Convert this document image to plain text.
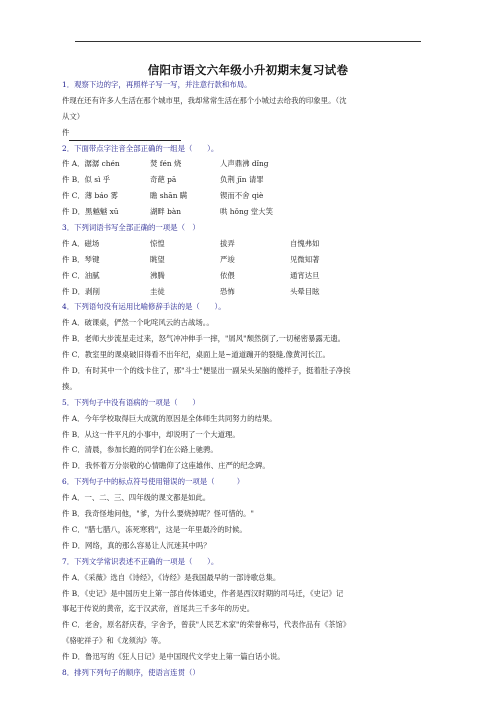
信阳市语文六年级小升初期末复习试卷
1．观察下边的字，再照样子写一写，并注意行款和布局。
件现在还有许多人生活在那个城市里，我却常常生活在那个小城过去给我的印象里。（沈
从文）
件
2．下面带点字注音全部正确的一组是（　　）。
件 A．潺潺 chén	焚 fén 烧	人声鼎沸 dǐng
件 B．似 sì 乎	奇葩 pā	负荆 jīn 请罪
件 C．薄 báo 雾	瞻 shān 瞒	锲而不舍 qiè
件 D．黑魆魆 xū	湖畔 bàn	哄 hǒng 堂大笑
3．下列词语书写全部正确的一项是（　）
件 A．磁场	惊惶	拔弄	自愧弗如
件 B．琴键	眺望	严竣	见微知著
件 C．油腻	沸腾	依偎	通宵达旦
件 D．剥削	圭徒	恐怖	头晕目眩
4．下列语句没有运用比喻修辞手法的是（　　）。
件 A．破课桌，俨然一个叱咤风云的古战场。。
件 B．老师大步流星走过来，怒气冲冲伸手一摔，"屑风"颓然倒了,一切秘密暴露无遗。
件 C．教室里的课桌破旧得看不出年纪，桌面上是~道道蹦开的裂缝,像黄河长江。
件 D．有时其中一个的线卡住了，那"斗士"便显出一副呆头呆脑的傻样子，挺着肚子净挨
揍。
5．下列句子中没有语病的一项是（　　）
件 A．今年学校取得巨大成就的原因是全体师生共同努力的结果。
件 B．从这一件平凡的小事中，却说明了一个大道理。
件 C．清晨，参加长跑的同学们在公路上驰骋。
件 D．我怀着万分崇敬的心情瞻仰了这座雄伟、庄严的纪念碑。
6．下列句子中的标点符号使用错误的一项是（　　　）
件 A．一、二、三、四年级的课文都是如此。
件 B．我奇怪地问他，"爹，为什么要烧掉呢？怪可惜的。"
件 C．"腊七腊八，冻死寒鸦"，这是一年里最冷的时候。
件 D．网络，真的那么容易让人沉迷其中吗？
7．下列文学常识表述不正确的一项是（　　）。
件 A．《采薇》选自《诗经》，《诗经》是我国最早的一部诗歌总集。
件 B．《史记》是中国历史上第一部自传体通史，作者是西汉时期的司马迁，《史记》记
事起于传说的黄帝，迄于汉武帝，首尾共三千多年的历史。
件 C．老舍，原名舒庆春，字舍予，曾获"人民艺术家"的荣誉称号，代表作品有《茶馆》
《骆驼祥子》和《龙须沟》等。
件 D．鲁迅写的《狂人日记》是中国现代文学史上第一篇白话小说。
8．排列下列句子的顺序，使语言连贯（）
